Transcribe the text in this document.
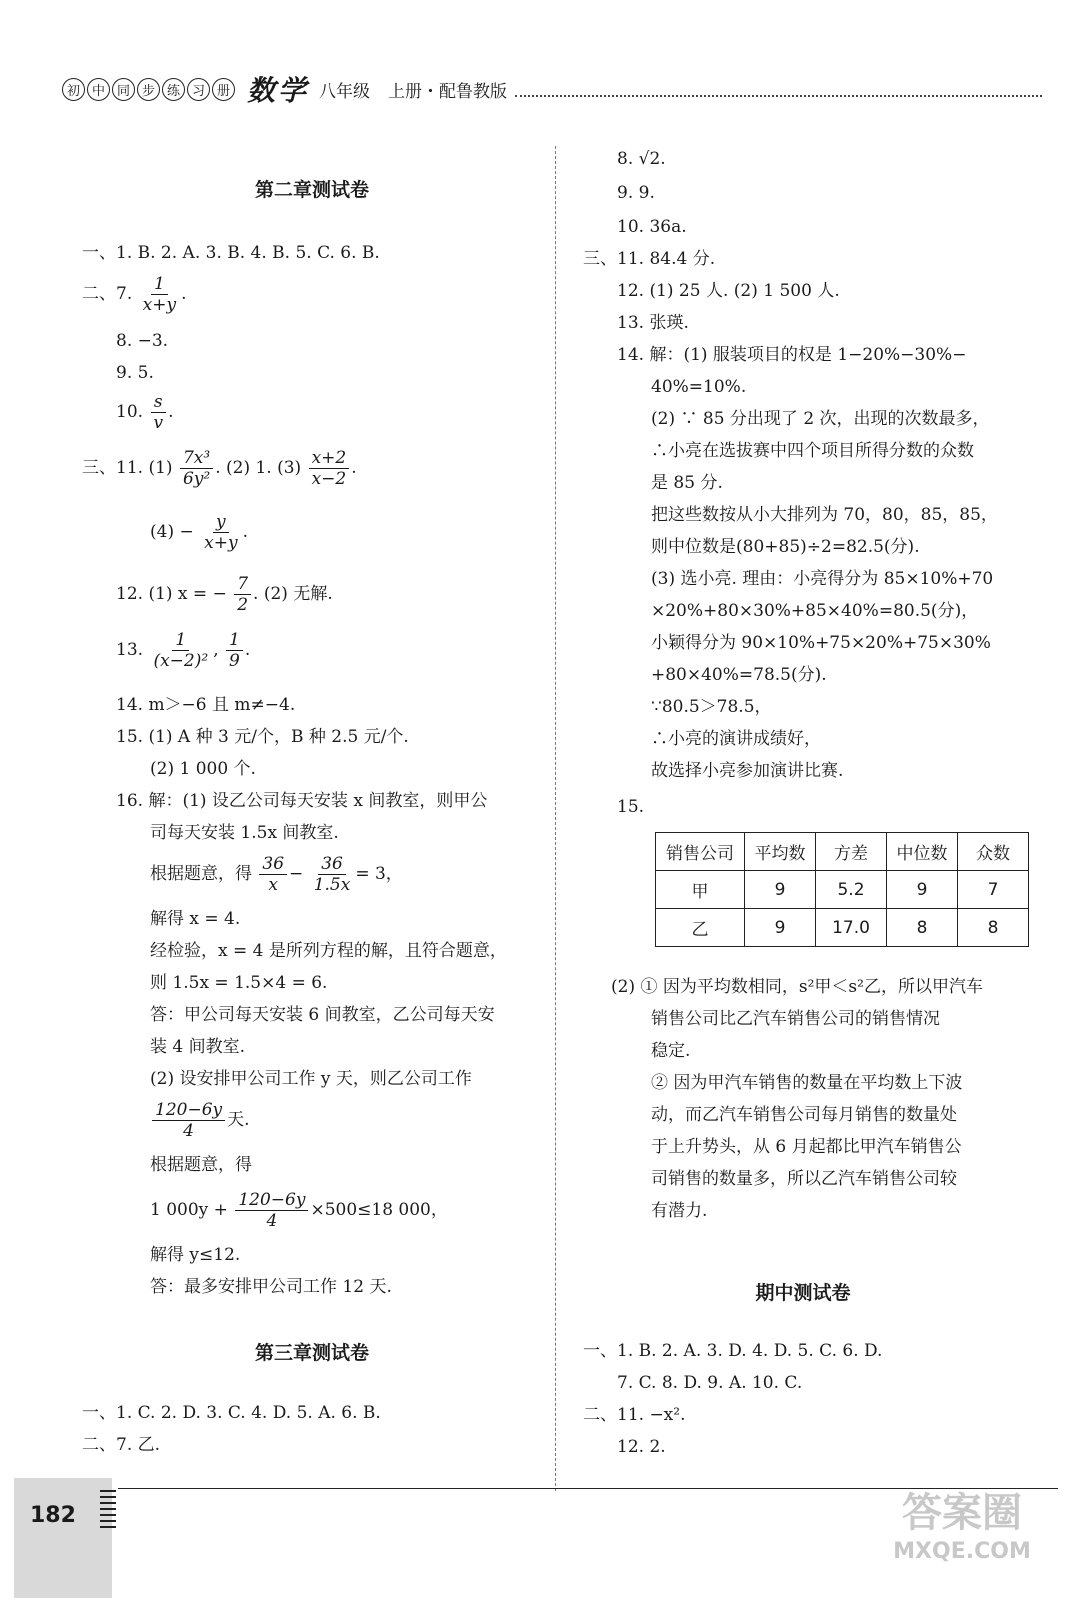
初 中 同 步 练 习 册 数学 八年级 上册・配鲁教版
第二章测试卷
一、1. B. 2. A. 3. B. 4. B. 5. C. 6. B.
二、7. $\frac{1}{x+y}$ .
8. −3.
9. 5.
10. $\frac{s}{v}$ .
三、11. $(1) \frac{\text{7x³}}{\text{6y²}}$ . (2) 1. $(3) \frac{x+2}{x-2}$ .
$(4) - \frac{y}{x+y}$ .
12. (1) x = − $\frac{7}{2}$ . (2) 无解.
13. $\frac{1}{\text{(x−2)²}}$ , $\frac{1}{9}$ .
14. m＞−6 且 m≠−4.
15. (1) A 种 3 元/个，B 种 2.5 元/个.
(2) 1 000 个.
16. 解：(1) 设乙公司每天安装 x 间教室，则甲公
司每天安装 1.5x 间教室.
根据题意，得 $\frac{36}{x} - \frac{36}{1.5x} = 3$，
解得 x = 4.
经检验，x = 4 是所列方程的解，且符合题意，
则 1.5x = 1.5×4 = 6.
答：甲公司每天安装 6 间教室，乙公司每天安
装 4 间教室.
(2) 设安排甲公司工作 y 天，则乙公司工作
$\frac{120-6y}{4}$ 天.
根据题意，得
1 $000y + \frac{120-6y}{4} \times 500\le 18$ 000，
解得 y≤12.
答：最多安排甲公司工作 12 天.
第三章测试卷
一、1. C. 2. D. 3. C. 4. D. 5. A. 6. B.
二、7. 乙.
8. √2.
9. 9.
10. 36a.
三、11. 84.4 分.
12. (1) 25 人. (2) 1 500 人.
13. 张瑛.
14. 解：(1) 服装项目的权是 1−20%−30%−
40%=10%.
(2) ∵ 85 分出现了 2 次，出现的次数最多，
∴小亮在选拔赛中四个项目所得分数的众数
是 85 分.
把这些数按从小大排列为 70，80，85，85，
则中位数是(80+85)÷2=82.5(分).
(3) 选小亮. 理由：小亮得分为 85×10%+70
×20%+80×30%+85×40%=80.5(分)，
小颖得分为 90×10%+75×20%+75×30%
+80×40%=78.5(分).
∵80.5＞78.5，
∴小亮的演讲成绩好，
故选择小亮参加演讲比赛.
15.
(2) ① 因为平均数相同，s²甲＜s²乙，所以甲汽车
销售公司比乙汽车销售公司的销售情况
稳定.
② 因为甲汽车销售的数量在平均数上下波
动，而乙汽车销售公司每月销售的数量处
于上升势头，从 6 月起都比甲汽车销售公
司销售的数量多，所以乙汽车销售公司较
有潜力.
期中测试卷
一、1. B. 2. A. 3. D. 4. D. 5. C. 6. D.
7. C. 8. D. 9. A. 10. C.
二、11. −x².
12. 2.
销售公司	平均数	方差	中位数	众数
甲	9	5.2	9	7
乙	9	17.0	8	8
182	答案圈
MXQE.COM
